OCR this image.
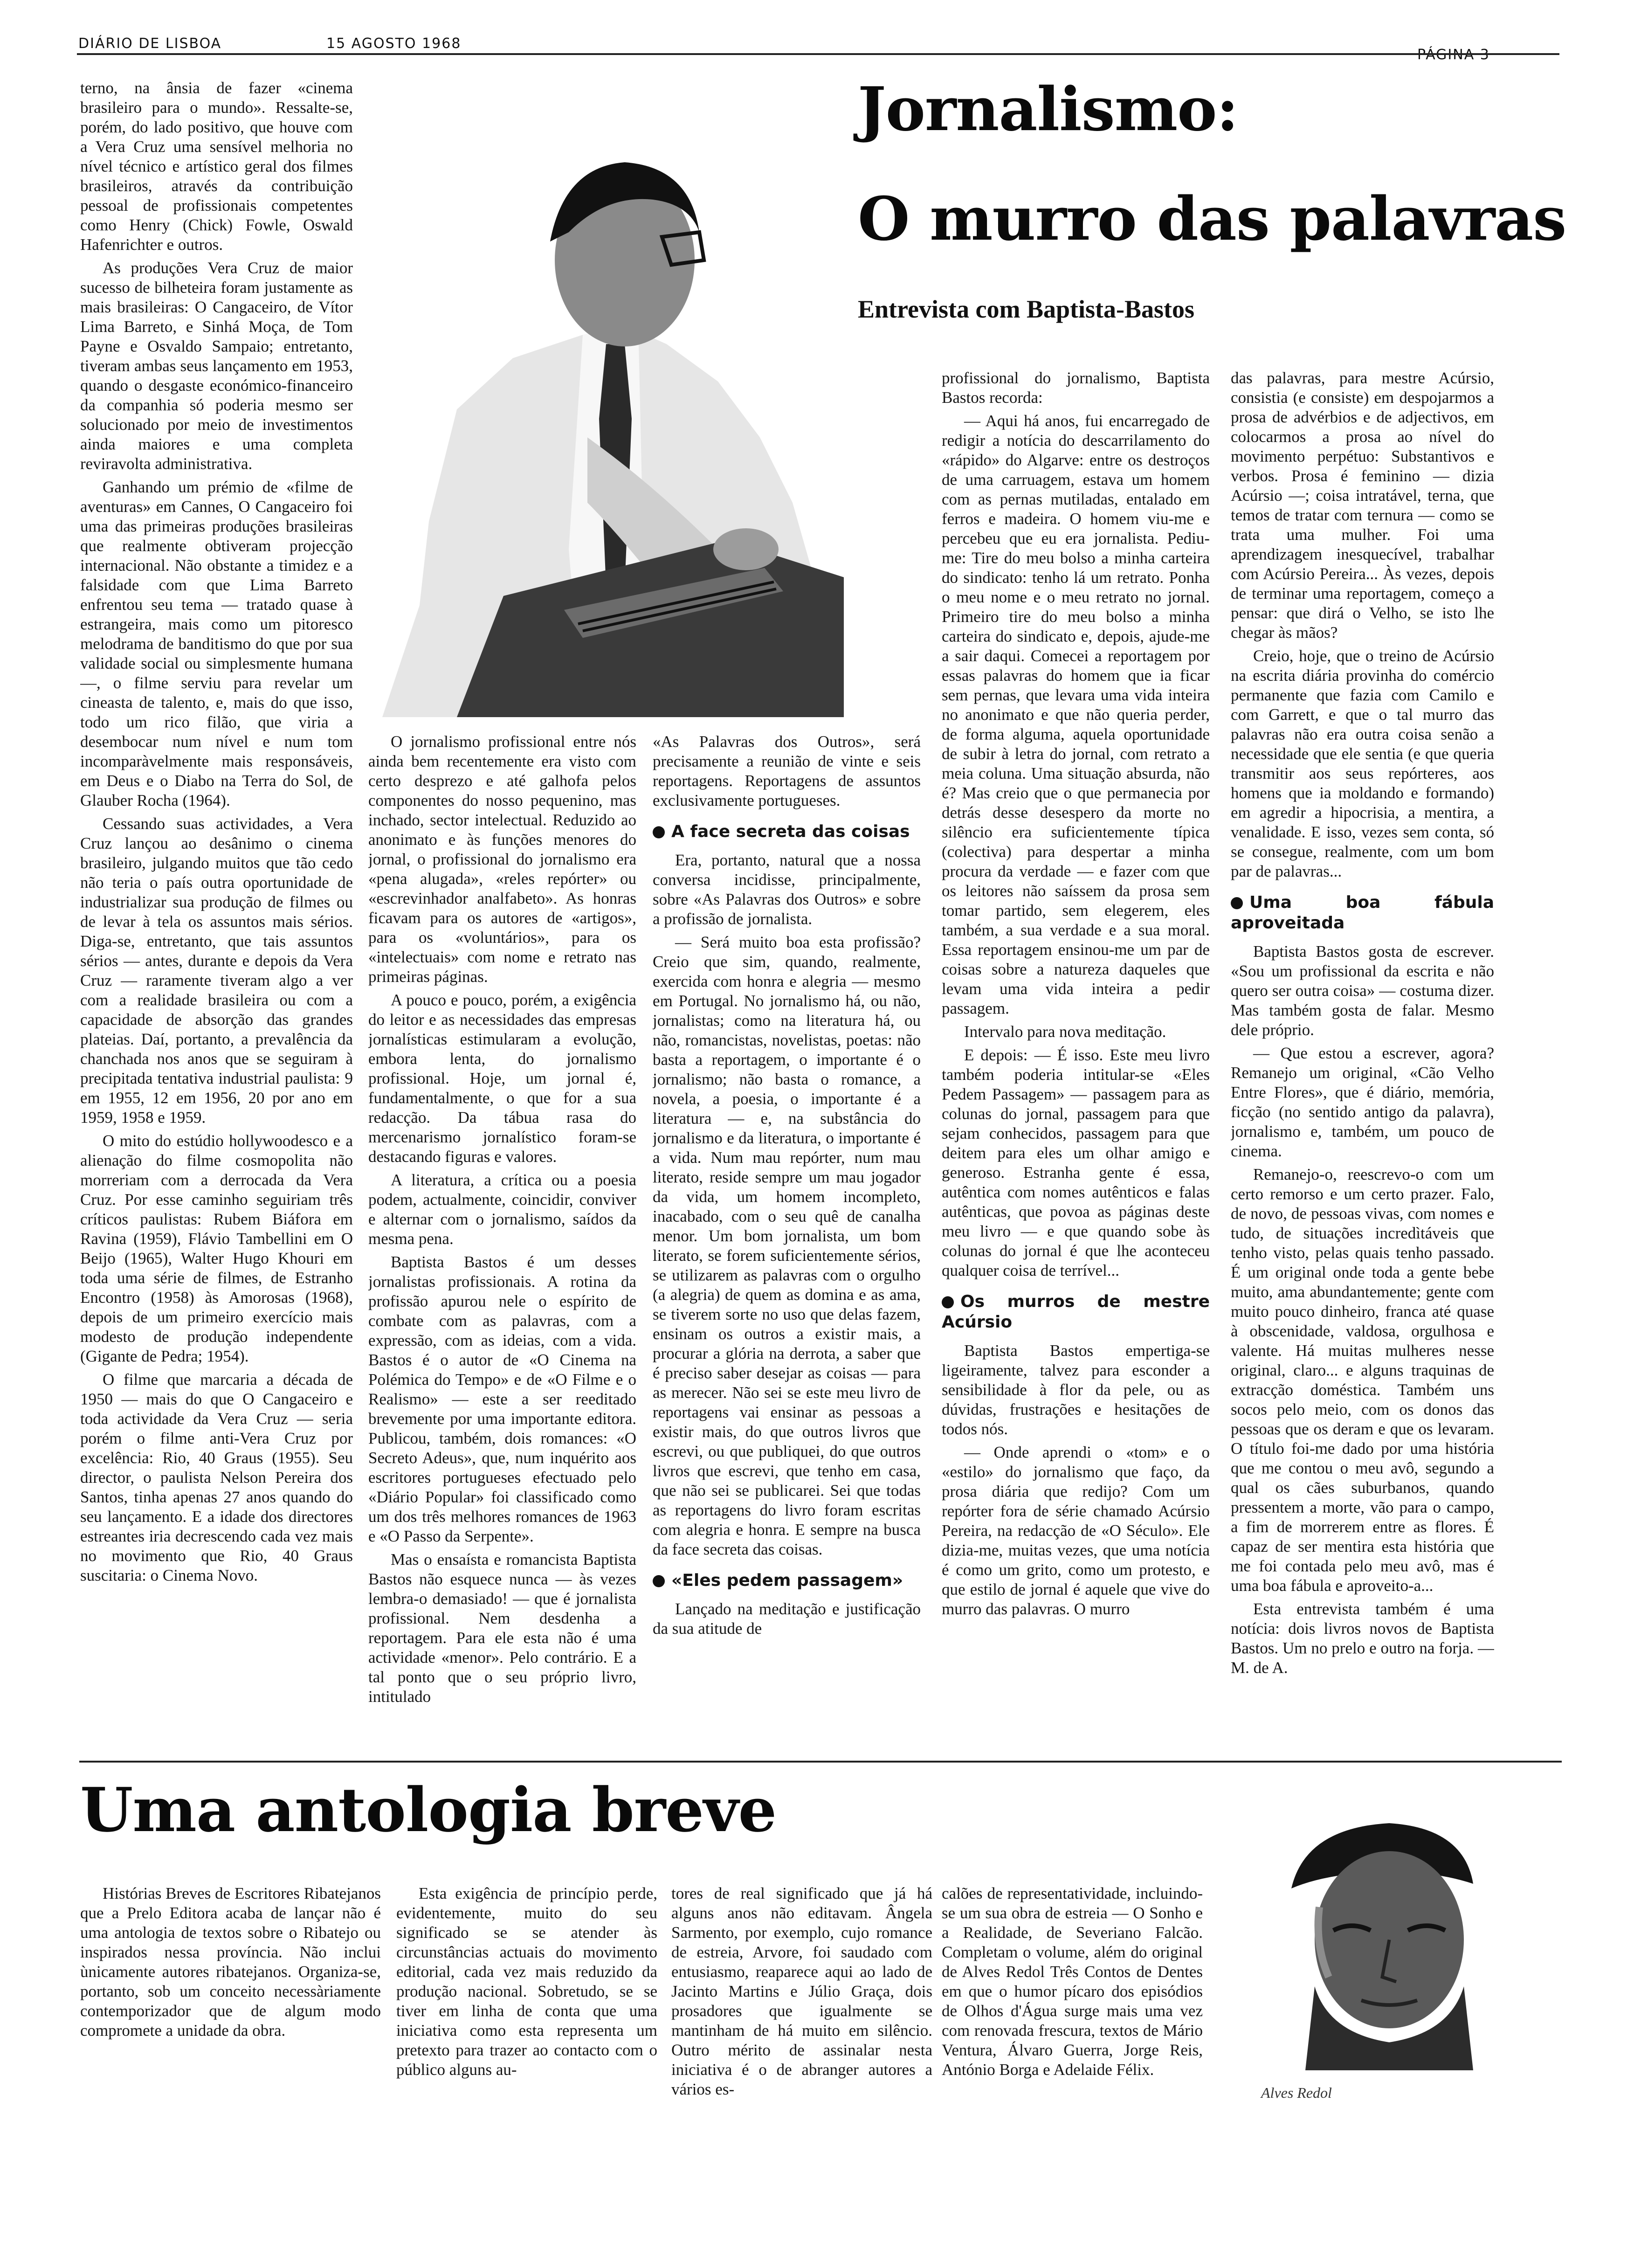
DIÁRIO DE LISBOA	15 AGOSTO 1968

terno, na ânsia de fazer «cinema brasileiro para o mundo». Ressalte-se, porém, do lado positivo, que houve com a Vera Cruz uma sensível melhoria no nível técnico e artístico geral dos filmes brasileiros, através da contribuição pessoal de profissionais competentes como Henry (Chick) Fowle, Oswald Hafenrichter e outros.

As produções Vera Cruz de maior sucesso de bilheteira foram justamente as mais brasileiras: O Cangaceiro, de Vítor Lima Barreto, e Sinhá Moça, de Tom Payne e Osvaldo Sampaio; entretanto, tiveram ambas seus lançamento em 1953, quando o desgaste económico-financeiro da companhia só poderia mesmo ser solucionado por meio de investimentos ainda maiores e uma completa reviravolta administrativa.

Ganhando um prémio de «filme de aventuras» em Cannes, O Cangaceiro foi uma das primeiras produções brasileiras que realmente obtiveram projecção internacional. Não obstante a timidez e a falsidade com que Lima Barreto enfrentou seu tema — tratado quase à estrangeira, mais como um pitoresco melodrama de banditismo do que por sua validade social ou simplesmente humana —, o filme serviu para revelar um cineasta de talento, e, mais do que isso, todo um rico filão, que viria a desembocar num nível e num tom incomparàvelmente mais responsáveis, em Deus e o Diabo na Terra do Sol, de Glauber Rocha (1964).

Cessando suas actividades, a Vera Cruz lançou ao desânimo o cinema brasileiro, julgando muitos que tão cedo não teria o país outra oportunidade de industrializar sua produção de filmes ou de levar à tela os assuntos mais sérios. Diga-se, entretanto, que tais assuntos sérios — antes, durante e depois da Vera Cruz — raramente tiveram algo a ver com a realidade brasileira ou com a capacidade de absorção das grandes plateias. Daí, portanto, a prevalência da chanchada nos anos que se seguiram à precipitada tentativa industrial paulista: 9 em 1955, 12 em 1956, 20 por ano em 1959, 1958 e 1959.

O mito do estúdio hollywoodesco e a alienação do filme cosmopolita não morreriam com a derrocada da Vera Cruz. Por esse caminho seguiriam três críticos paulistas: Rubem Biáfora em Ravina (1959), Flávio Tambellini em O Beijo (1965), Walter Hugo Khouri em toda uma série de filmes, de Estranho Encontro (1958) às Amorosas (1968), depois de um primeiro exercício mais modesto de produção independente (Gigante de Pedra; 1954).

O filme que marcaria a década de 1950 — mais do que O Cangaceiro e toda actividade da Vera Cruz — seria porém o filme anti-Vera Cruz por excelência: Rio, 40 Graus (1955). Seu director, o paulista Nelson Pereira dos Santos, tinha apenas 27 anos quando do seu lançamento. E a idade dos directores estreantes iria decrescendo cada vez mais no movimento que Rio, 40 Graus suscitaria: o Cinema Novo.

Jornalismo:
O murro das palavras
Entrevista com Baptista-Bastos

O jornalismo profissional entre nós ainda bem recentemente era visto com certo desprezo e até galhofa pelos componentes do nosso pequenino, mas inchado, sector intelectual. Reduzido ao anonimato e às funções menores do jornal, o profissional do jornalismo era «pena alugada», «reles repórter» ou «escrevinhador analfabeto». As honras ficavam para os autores de «artigos», para os «voluntários», para os «intelectuais» com nome e retrato nas primeiras páginas.

A pouco e pouco, porém, a exigência do leitor e as necessidades das empresas jornalísticas estimularam a evolução, embora lenta, do jornalismo profissional. Hoje, um jornal é, fundamentalmente, o que for a sua redacção. Da tábua rasa do mercenarismo jornalístico foram-se destacando figuras e valores.

A literatura, a crítica ou a poesia podem, actualmente, coincidir, conviver e alternar com o jornalismo, saídos da mesma pena.

Baptista Bastos é um desses jornalistas profissionais. A rotina da profissão apurou nele o espírito de combate com as palavras, com a expressão, com as ideias, com a vida. Bastos é o autor de «O Cinema na Polémica do Tempo» e de «O Filme e o Realismo» — este a ser reeditado brevemente por uma importante editora. Publicou, também, dois romances: «O Secreto Adeus», que, num inquérito aos escritores portugueses efectuado pelo «Diário Popular» foi classificado como um dos três melhores romances de 1963 e «O Passo da Serpente».

Mas o ensaísta e romancista Baptista Bastos não esquece nunca — às vezes lembra-o demasiado! — que é jornalista profissional. Nem desdenha a reportagem. Para ele esta não é uma actividade «menor». Pelo contrário. E a tal ponto que o seu próprio livro, intitulado

«As Palavras dos Outros», será precisamente a reunião de vinte e seis reportagens. Reportagens de assuntos exclusivamente portugueses.

A face secreta das coisas

Era, portanto, natural que a nossa conversa incidisse, principalmente, sobre «As Palavras dos Outros» e sobre a profissão de jornalista.

— Será muito boa esta profissão? Creio que sim, quando, realmente, exercida com honra e alegria — mesmo em Portugal. No jornalismo há, ou não, jornalistas; como na literatura há, ou não, romancistas, novelistas, poetas: não basta a reportagem, o importante é o jornalismo; não basta o romance, a novela, a poesia, o importante é a literatura — e, na substância do jornalismo e da literatura, o importante é a vida. Num mau repórter, num mau literato, reside sempre um mau jogador da vida, um homem incompleto, inacabado, com o seu quê de canalha menor. Um bom jornalista, um bom literato, se forem suficientemente sérios, se utilizarem as palavras com o orgulho (a alegria) de quem as domina e as ama, se tiverem sorte no uso que delas fazem, ensinam os outros a existir mais, a procurar a glória na derrota, a saber que é preciso saber desejar as coisas — para as merecer. Não sei se este meu livro de reportagens vai ensinar as pessoas a existir mais, do que outros livros que escrevi, ou que publiquei, do que outros livros que escrevi, que tenho em casa, que não sei se publicarei. Sei que todas as reportagens do livro foram escritas com alegria e honra. E sempre na busca da face secreta das coisas.

«Eles pedem passagem»

Lançado na meditação e justificação da sua atitude de

profissional do jornalismo, Baptista Bastos recorda:

— Aqui há anos, fui encarregado de redigir a notícia do descarrilamento do «rápido» do Algarve: entre os destroços de uma carruagem, estava um homem com as pernas mutiladas, entalado em ferros e madeira. O homem viu-me e percebeu que eu era jornalista. Pediu-me: Tire do meu bolso a minha carteira do sindicato: tenho lá um retrato. Ponha o meu nome e o meu retrato no jornal. Primeiro tire do meu bolso a minha carteira do sindicato e, depois, ajude-me a sair daqui. Comecei a reportagem por essas palavras do homem que ia ficar sem pernas, que levara uma vida inteira no anonimato e que não queria perder, de forma alguma, aquela oportunidade de subir à letra do jornal, com retrato a meia coluna. Uma situação absurda, não é? Mas creio que o que permanecia por detrás desse desespero da morte no silêncio era suficientemente típica (colectiva) para despertar a minha procura da verdade — e fazer com que os leitores não saíssem da prosa sem tomar partido, sem elegerem, eles também, a sua verdade e a sua moral. Essa reportagem ensinou-me um par de coisas sobre a natureza daqueles que levam uma vida inteira a pedir passagem.

Intervalo para nova meditação.

E depois: — É isso. Este meu livro também poderia intitular-se «Eles Pedem Passagem» — passagem para as colunas do jornal, passagem para que sejam conhecidos, passagem para que deitem para eles um olhar amigo e generoso. Estranha gente é essa, autêntica com nomes autênticos e falas autênticas, que povoa as páginas deste meu livro — e que quando sobe às colunas do jornal é que lhe aconteceu qualquer coisa de terrível...

Os murros de mestre Acúrsio

Baptista Bastos empertiga-se ligeiramente, talvez para esconder a sensibilidade à flor da pele, ou as dúvidas, frustrações e hesitações de todos nós.

— Onde aprendi o «tom» e o «estilo» do jornalismo que faço, da prosa diária que redijo? Com um repórter fora de série chamado Acúrsio Pereira, na redacção de «O Século». Ele dizia-me, muitas vezes, que uma notícia é como um grito, como um protesto, e que estilo de jornal é aquele que vive do murro das palavras. O murro

das palavras, para mestre Acúrsio, consistia (e consiste) em despojarmos a prosa de advérbios e de adjectivos, em colocarmos a prosa ao nível do movimento perpétuo: Substantivos e verbos. Prosa é feminino — dizia Acúrsio —; coisa intratável, terna, que temos de tratar com ternura — como se trata uma mulher. Foi uma aprendizagem inesquecível, trabalhar com Acúrsio Pereira... Às vezes, depois de terminar uma reportagem, começo a pensar: que dirá o Velho, se isto lhe chegar às mãos?

Creio, hoje, que o treino de Acúrsio na escrita diária provinha do comércio permanente que fazia com Camilo e com Garrett, e que o tal murro das palavras não era outra coisa senão a necessidade que ele sentia (e que queria transmitir aos seus repórteres, aos homens que ia moldando e formando) em agredir a hipocrisia, a mentira, a venalidade. E isso, vezes sem conta, só se consegue, realmente, com um bom par de palavras...

Uma boa fábula aproveitada

Baptista Bastos gosta de escrever. «Sou um profissional da escrita e não quero ser outra coisa» — costuma dizer. Mas também gosta de falar. Mesmo dele próprio.

— Que estou a escrever, agora? Remanejo um original, «Cão Velho Entre Flores», que é diário, memória, ficção (no sentido antigo da palavra), jornalismo e, também, um pouco de cinema.

Remanejo-o, reescrevo-o com um certo remorso e um certo prazer. Falo, de novo, de pessoas vivas, com nomes e tudo, de situações incredìtáveis que tenho visto, pelas quais tenho passado. É um original onde toda a gente bebe muito, ama abundantemente; gente com muito pouco dinheiro, franca até quase à obscenidade, valdosa, orgulhosa e valente. Há muitas mulheres nesse original, claro... e alguns traquinas de extracção doméstica. Também uns socos pelo meio, com os donos das pessoas que os deram e que os levaram. O título foi-me dado por uma história que me contou o meu avô, segundo a qual os cães suburbanos, quando pressentem a morte, vão para o campo, a fim de morrerem entre as flores. É capaz de ser mentira esta história que me foi contada pelo meu avô, mas é uma boa fábula e aproveito-a...

Esta entrevista também é uma notícia: dois livros novos de Baptista Bastos. Um no prelo e outro na forja. — M. de A.

Uma antologia breve

Histórias Breves de Escritores Ribatejanos que a Prelo Editora acaba de lançar não é uma antologia de textos sobre o Ribatejo ou inspirados nessa província. Não inclui ùnicamente autores ribatejanos. Organiza-se, portanto, sob um conceito necessàriamente contemporizador que de algum modo compromete a unidade da obra.

Esta exigência de princípio perde, evidentemente, muito do seu significado se se atender às circunstâncias actuais do movimento editorial, cada vez mais reduzido da produção nacional. Sobretudo, se se tiver em linha de conta que uma iniciativa como esta representa um pretexto para trazer ao contacto com o público alguns au-

tores de real significado que já há alguns anos não editavam. Ângela Sarmento, por exemplo, cujo romance de estreia, Arvore, foi saudado com entusiasmo, reaparece aqui ao lado de Jacinto Martins e Júlio Graça, dois prosadores que igualmente se mantinham de há muito em silêncio. Outro mérito de assinalar nesta iniciativa é o de abranger autores a vários es-

calões de representatividade, incluindo-se um sua obra de estreia — O Sonho e a Realidade, de Severiano Falcão. Completam o volume, além do original de Alves Redol Três Contos de Dentes em que o humor pícaro dos episódios de Olhos d'Água surge mais uma vez com renovada frescura, textos de Mário Ventura, Álvaro Guerra, Jorge Reis, António Borga e Adelaide Félix.

Alves Redol
